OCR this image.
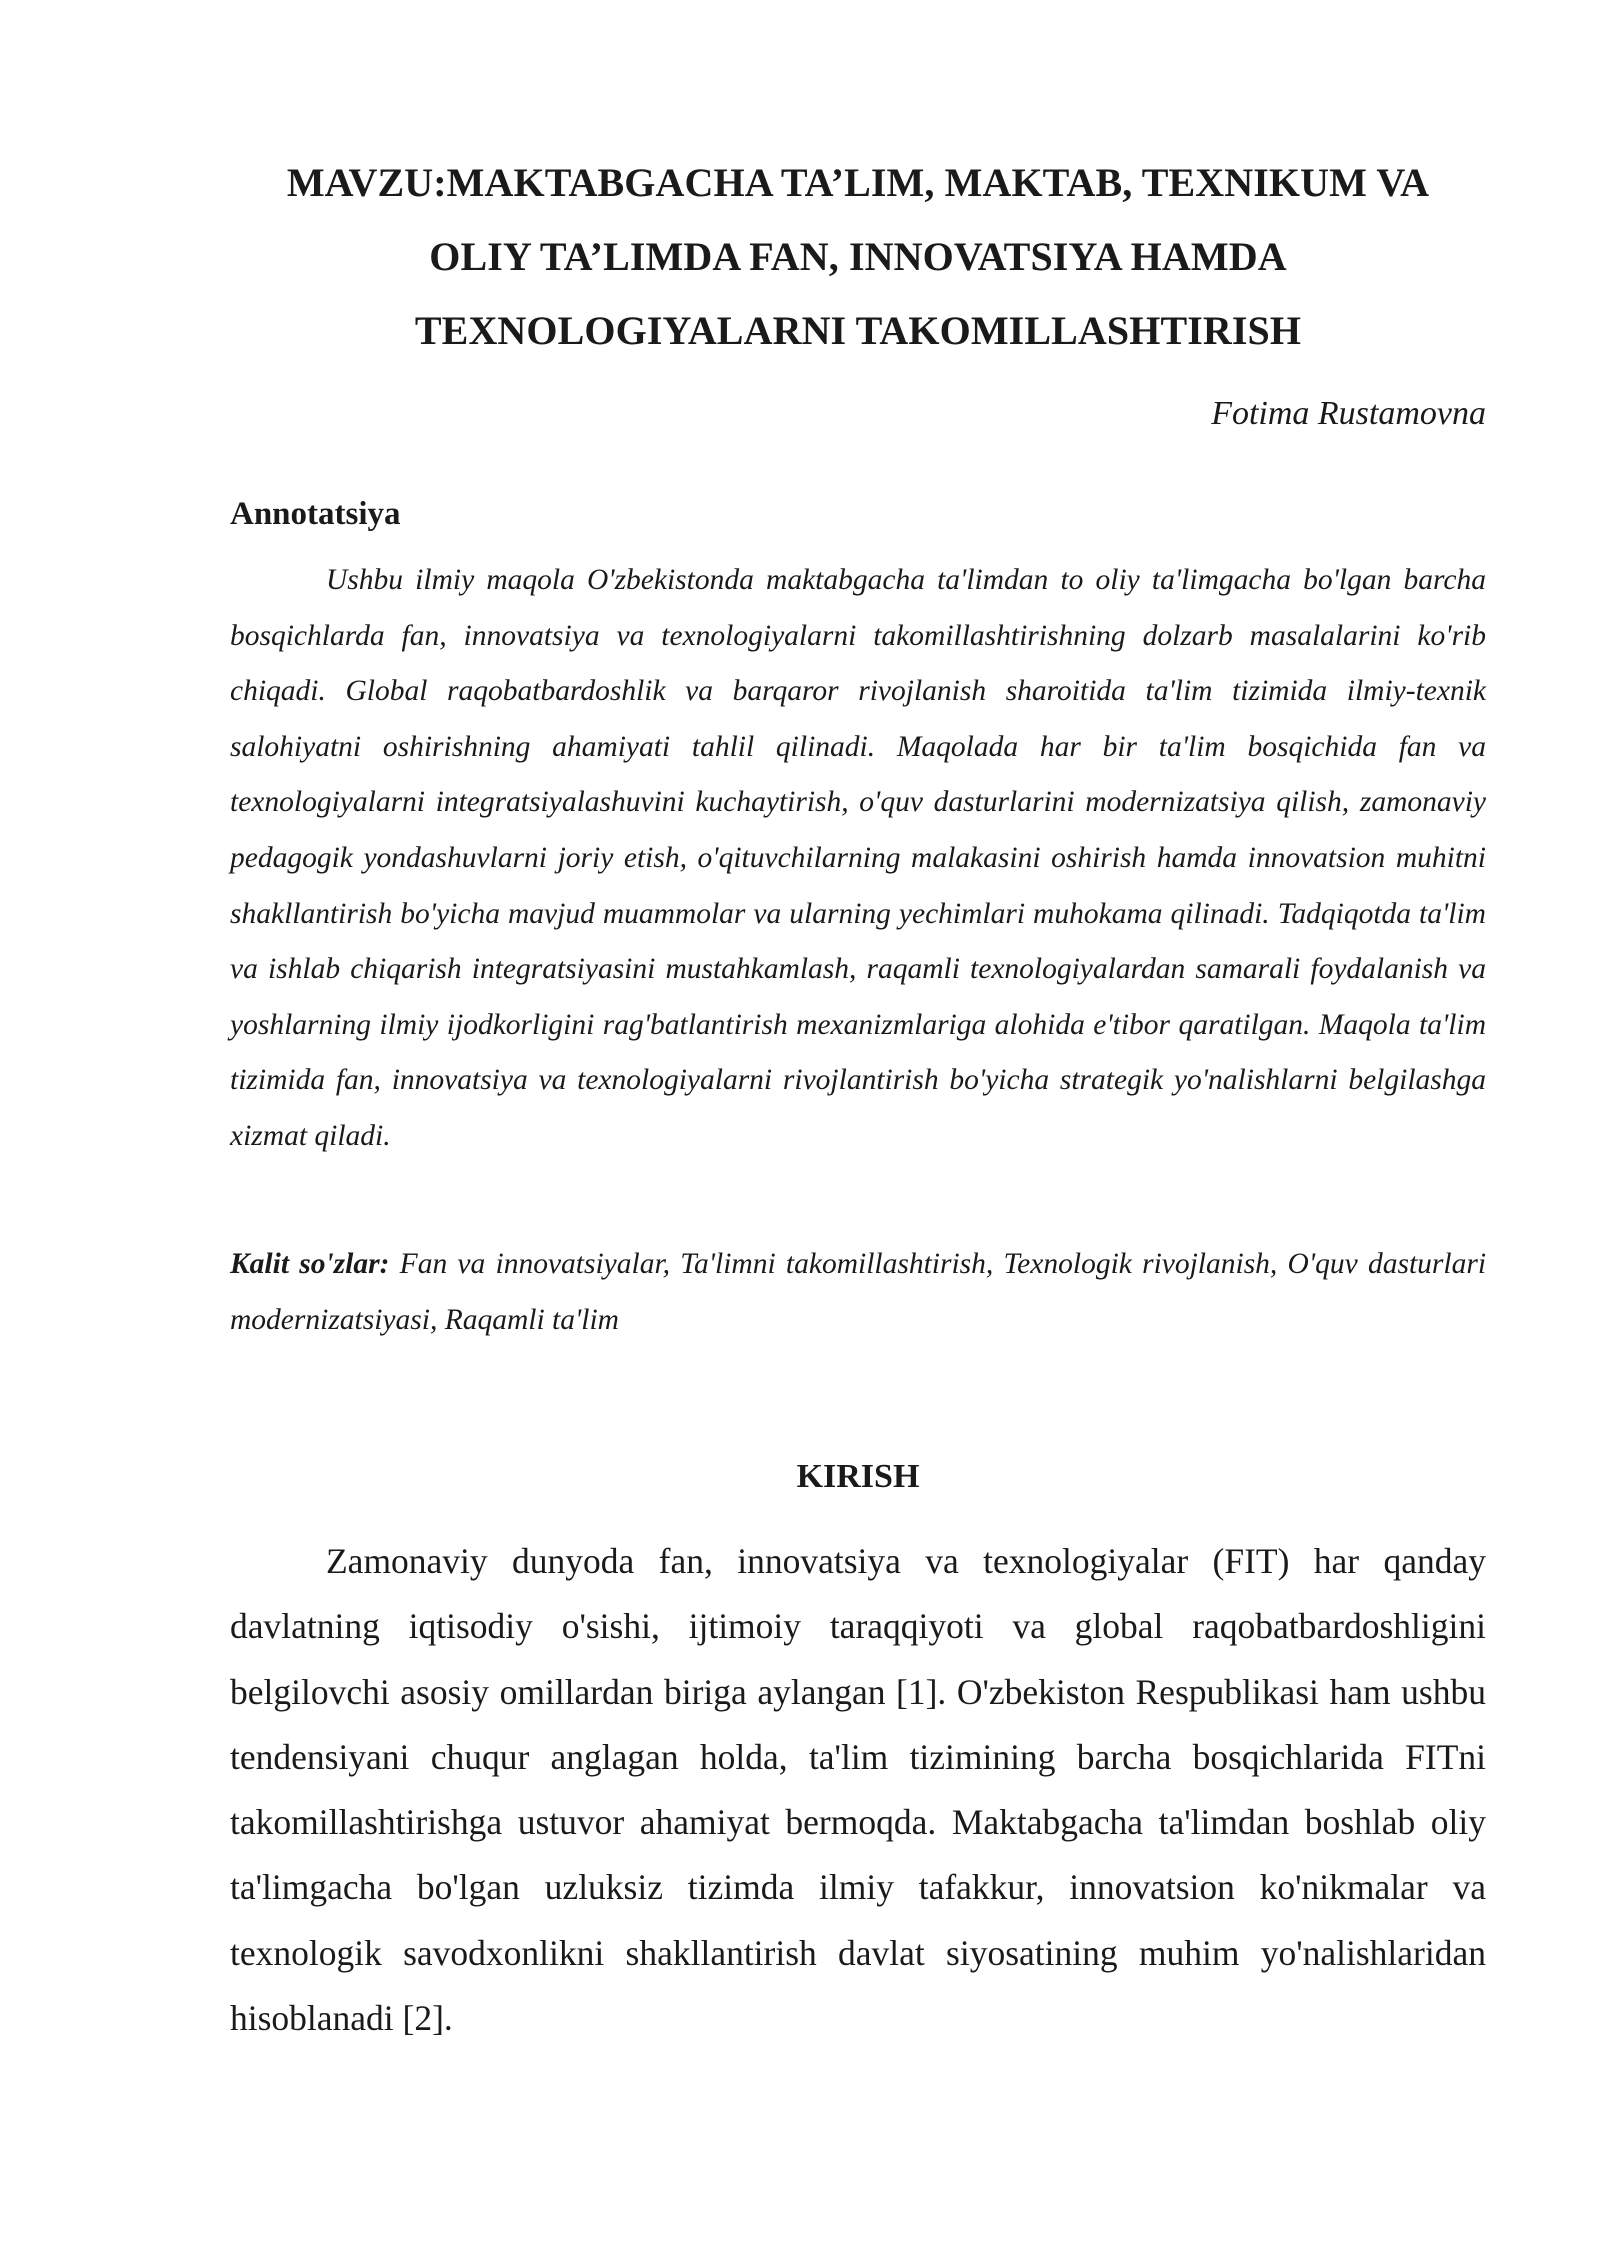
MAVZU:MAKTABGACHA TA’LIM, MAKTAB, TEXNIKUM VA
OLIY TA’LIMDA FAN, INNOVATSIYA HAMDA
TEXNOLOGIYALARNI TAKOMILLASHTIRISH

Fotima Rustamovna

Annotatsiya

Ushbu ilmiy maqola O'zbekistonda maktabgacha ta'limdan to oliy ta'limgacha bo'lgan barcha bosqichlarda fan, innovatsiya va texnologiyalarni takomillashtirishning dolzarb masalalarini ko'rib chiqadi. Global raqobatbardoshlik va barqaror rivojlanish sharoitida ta'lim tizimida ilmiy-texnik salohiyatni oshirishning ahamiyati tahlil qilinadi. Maqolada har bir ta'lim bosqichida fan va texnologiyalarni integratsiyalashuvini kuchaytirish, o'quv dasturlarini modernizatsiya qilish, zamonaviy pedagogik yondashuvlarni joriy etish, o'qituvchilarning malakasini oshirish hamda innovatsion muhitni shakllantirish bo'yicha mavjud muammolar va ularning yechimlari muhokama qilinadi. Tadqiqotda ta'lim va ishlab chiqarish integratsiyasini mustahkamlash, raqamli texnologiyalardan samarali foydalanish va yoshlarning ilmiy ijodkorligini rag'batlantirish mexanizmlariga alohida e'tibor qaratilgan. Maqola ta'lim tizimida fan, innovatsiya va texnologiyalarni rivojlantirish bo'yicha strategik yo'nalishlarni belgilashga xizmat qiladi.

Kalit so'zlar: Fan va innovatsiyalar, Ta'limni takomillashtirish, Texnologik rivojlanish, O'quv dasturlari modernizatsiyasi, Raqamli ta'lim

KIRISH

Zamonaviy dunyoda fan, innovatsiya va texnologiyalar (FIT) har qanday davlatning iqtisodiy o'sishi, ijtimoiy taraqqiyoti va global raqobatbardoshligini belgilovchi asosiy omillardan biriga aylangan [1]. O'zbekiston Respublikasi ham ushbu tendensiyani chuqur anglagan holda, ta'lim tizimining barcha bosqichlarida FITni takomillashtirishga ustuvor ahamiyat bermoqda. Maktabgacha ta'limdan boshlab oliy ta'limgacha bo'lgan uzluksiz tizimda ilmiy tafakkur, innovatsion ko'nikmalar va texnologik savodxonlikni shakllantirish davlat siyosatining muhim yo'nalishlaridan hisoblanadi [2].
